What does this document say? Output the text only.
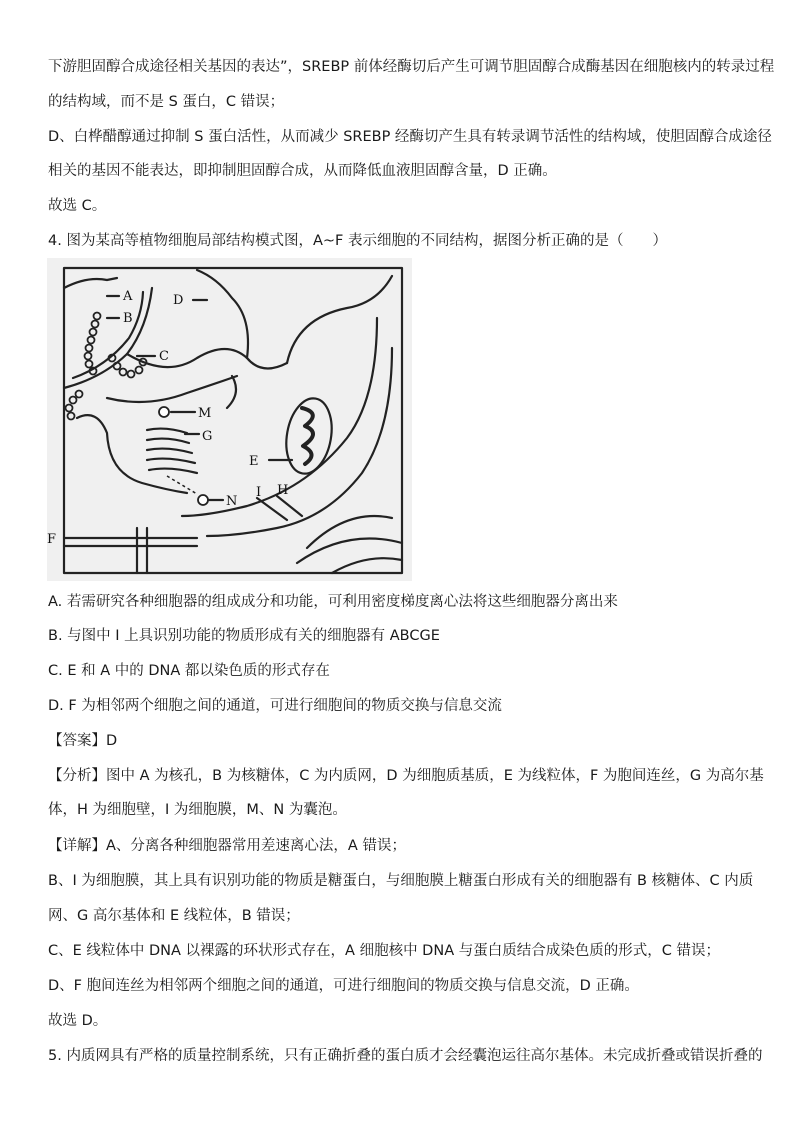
下游胆固醇合成途径相关基因的表达”，SREBP 前体经酶切后产生可调节胆固醇合成酶基因在细胞核内的转录过程
的结构域，而不是 S 蛋白，C 错误；
D、白桦醋醇通过抑制 S 蛋白活性，从而减少 SREBP 经酶切产生具有转录调节活性的结构域，使胆固醇合成途径
相关的基因不能表达，即抑制胆固醇合成，从而降低血液胆固醇含量，D 正确。
故选 C。
4. 图为某高等植物细胞局部结构模式图，A~F 表示细胞的不同结构，据图分析正确的是（　　）
A
B
C
D
E
F
G
H
I
M
N
A. 若需研究各种细胞器的组成成分和功能，可利用密度梯度离心法将这些细胞器分离出来
B. 与图中 I 上具识别功能的物质形成有关的细胞器有 ABCGE
C. E 和 A 中的 DNA 都以染色质的形式存在
D. F 为相邻两个细胞之间的通道，可进行细胞间的物质交换与信息交流
【答案】D
【分析】图中 A 为核孔，B 为核糖体，C 为内质网，D 为细胞质基质，E 为线粒体，F 为胞间连丝，G 为高尔基
体，H 为细胞壁，I 为细胞膜，M、N 为囊泡。
【详解】A、分离各种细胞器常用差速离心法，A 错误；
B、I 为细胞膜，其上具有识别功能的物质是糖蛋白，与细胞膜上糖蛋白形成有关的细胞器有 B 核糖体、C 内质
网、G 高尔基体和 E 线粒体，B 错误；
C、E 线粒体中 DNA 以裸露的环状形式存在，A 细胞核中 DNA 与蛋白质结合成染色质的形式，C 错误；
D、F 胞间连丝为相邻两个细胞之间的通道，可进行细胞间的物质交换与信息交流，D 正确。
故选 D。
5. 内质网具有严格的质量控制系统，只有正确折叠的蛋白质才会经囊泡运往高尔基体。未完成折叠或错误折叠的
